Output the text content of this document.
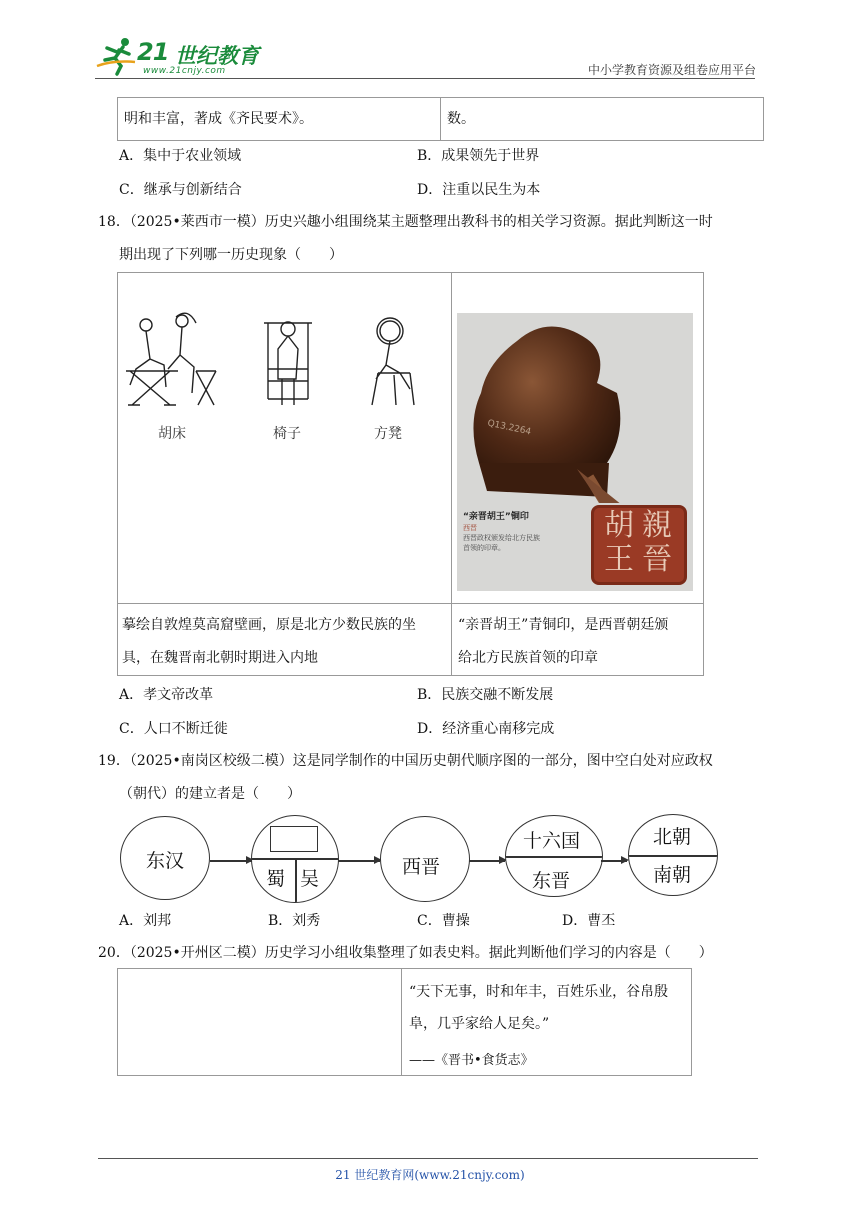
21 世纪教育
www.21cnjy.com	中小学教育资源及组卷应用平台
明和丰富，著成《齐民要术》。	数。
A．集中于农业领域	B．成果领先于世界
C．继承与创新结合	D．注重以民生为本
18．（2025•莱西市一模）历史兴趣小组围绕某主题整理出教科书的相关学习资源。据此判断这一时
期出现了下列哪一历史现象（　　）
胡床	椅子	方凳	Q13.2264
親
晉
胡
王
“亲晋胡王”铜印
西晋
西晋政权颁发给北方民族
首领的印章。
摹绘自敦煌莫高窟壁画，原是北方少数民族的坐
具，在魏晋南北朝时期进入内地
“亲晋胡王”青铜印，是西晋朝廷颁
给北方民族首领的印章
A．孝文帝改革	B．民族交融不断发展
C．人口不断迁徙	D．经济重心南移完成
19．（2025•南岗区校级二模）这是同学制作的中国历史朝代顺序图的一部分，图中空白处对应政权
（朝代）的建立者是（　　）
东汉
蜀 吴
西晋
十六国
东晋
北朝
南朝
A．刘邦	B．刘秀	C．曹操	D．曹丕
20．（2025•开州区二模）历史学习小组收集整理了如表史料。据此判断他们学习的内容是（　　）
“天下无事，时和年丰，百姓乐业，谷帛殷
阜，几乎家给人足矣。”
——《晋书•食货志》
21 世纪教育网(www.21cnjy.com)
